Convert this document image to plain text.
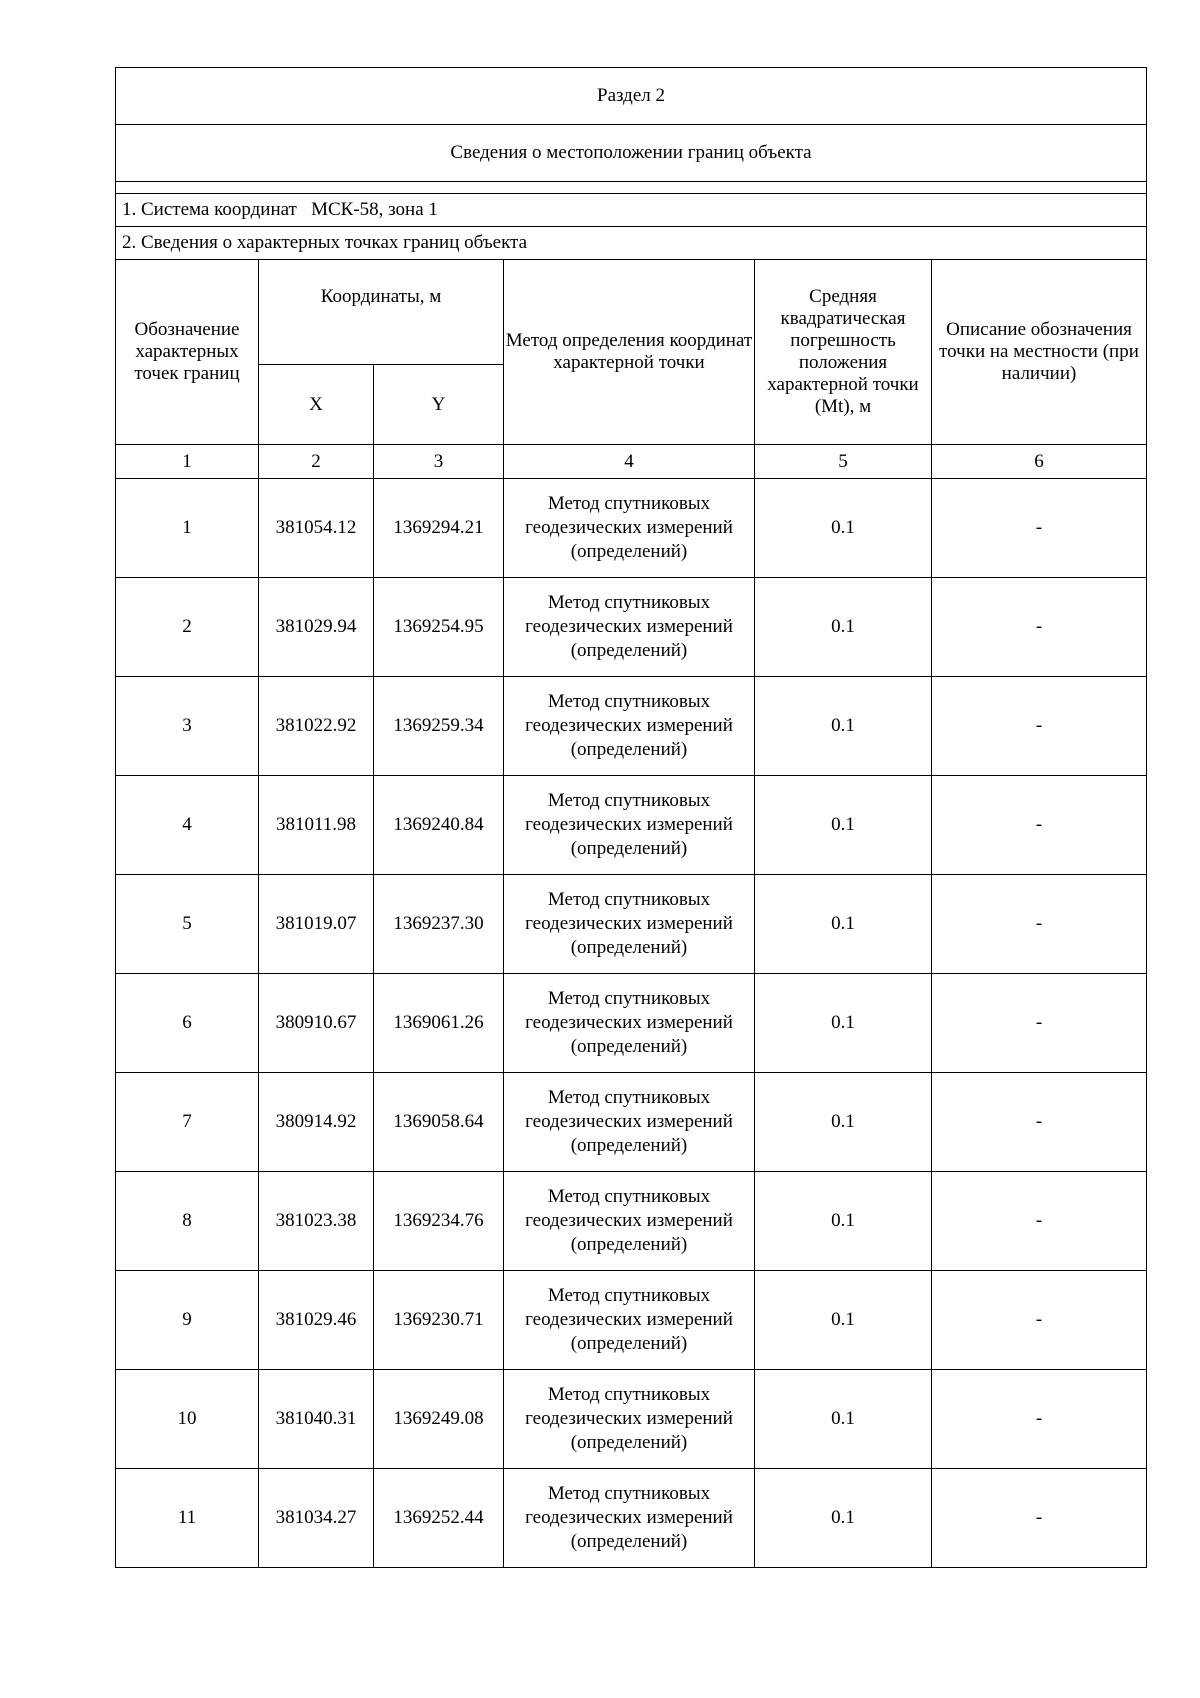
Раздел 2					
Сведения о местоположении границ объекта					

1. Система координат   МСК-58, зона 1					
2. Сведения о характерных точках границ объекта					
Обозначение характерных точек границ	Координаты, м		Метод определения координат характерной точки	Средняя квадратическая погрешность положения характерной точки (Mt), м	Описание обозначения точки на местности (при наличии)
	X	Y			
1	2	3	4	5	6
1	381054.12	1369294.21	Метод спутниковых геодезических измерений (определений)	0.1	-
2	381029.94	1369254.95	Метод спутниковых геодезических измерений (определений)	0.1	-
3	381022.92	1369259.34	Метод спутниковых геодезических измерений (определений)	0.1	-
4	381011.98	1369240.84	Метод спутниковых геодезических измерений (определений)	0.1	-
5	381019.07	1369237.30	Метод спутниковых геодезических измерений (определений)	0.1	-
6	380910.67	1369061.26	Метод спутниковых геодезических измерений (определений)	0.1	-
7	380914.92	1369058.64	Метод спутниковых геодезических измерений (определений)	0.1	-
8	381023.38	1369234.76	Метод спутниковых геодезических измерений (определений)	0.1	-
9	381029.46	1369230.71	Метод спутниковых геодезических измерений (определений)	0.1	-
10	381040.31	1369249.08	Метод спутниковых геодезических измерений (определений)	0.1	-
11	381034.27	1369252.44	Метод спутниковых геодезических измерений (определений)	0.1	-
